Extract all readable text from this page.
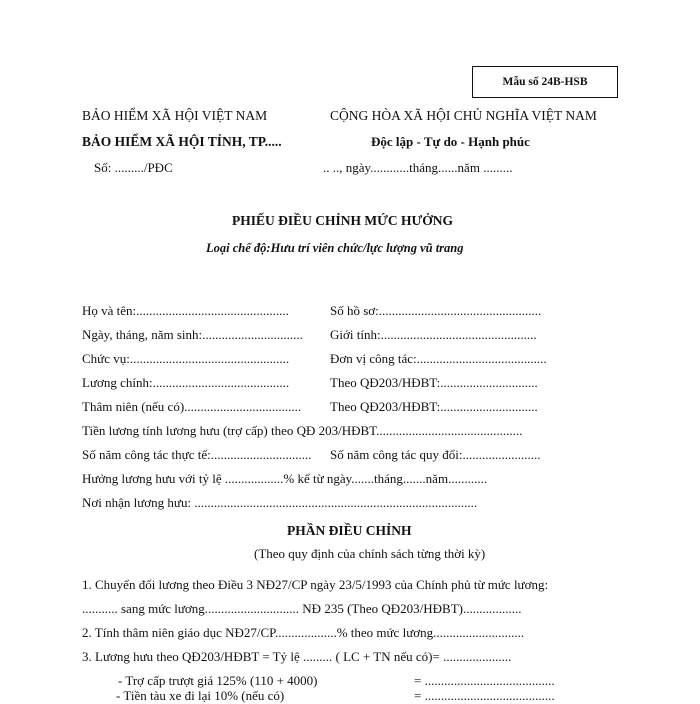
Mẫu số 24B-HSB
BẢO HIỂM XÃ HỘI VIỆT NAM
BẢO HIỂM XÃ HỘI TỈNH, TP.....
Số: ........./PĐC
CỘNG HÒA XÃ HỘI CHỦ NGHĨA VIỆT NAM
Độc lập - Tự do - Hạnh phúc
.. .., ngày............tháng......năm .........
PHIẾU ĐIỀU CHỈNH MỨC HƯỞNG
Loại chế độ:Hưu trí viên chức/lực lượng vũ trang
Họ và tên:...............................................	Số hồ sơ:..................................................
Ngày, tháng, năm sinh:............................... Giới tính:................................................
Chức vụ:.................................................	Đơn vị công tác:........................................
Lương chính:..........................................	Theo QĐ203/HĐBT:..............................
Thâm niên (nếu có).................................... Theo QĐ203/HĐBT:..............................
Tiền lương tính lương hưu (trợ cấp) theo QĐ 203/HĐBT.............................................
Số năm công tác thực tế:............................... Số năm công tác quy đổi:........................
Hưởng lương hưu với tỷ lệ ..................% kể từ ngày.......tháng.......năm............
Nơi nhận lương hưu: .......................................................................................
PHẦN ĐIỀU CHỈNH
(Theo quy định của chính sách từng thời kỳ)
1. Chuyển đổi lương theo Điều 3 NĐ27/CP ngày 23/5/1993 của Chính phủ từ mức lương:
........... sang mức lương............................. NĐ 235 (Theo QĐ203/HĐBT)..................
2. Tính thâm niên giáo dục NĐ27/CP...................% theo mức lương............................
3. Lương hưu theo QĐ203/HĐBT = Tỷ lệ ......... ( LC + TN nếu có)= .....................
- Trợ cấp trượt giá 125% (110 + 4000)	= ........................................
- Tiền tàu xe đi lại 10% (nếu có)	= ........................................
